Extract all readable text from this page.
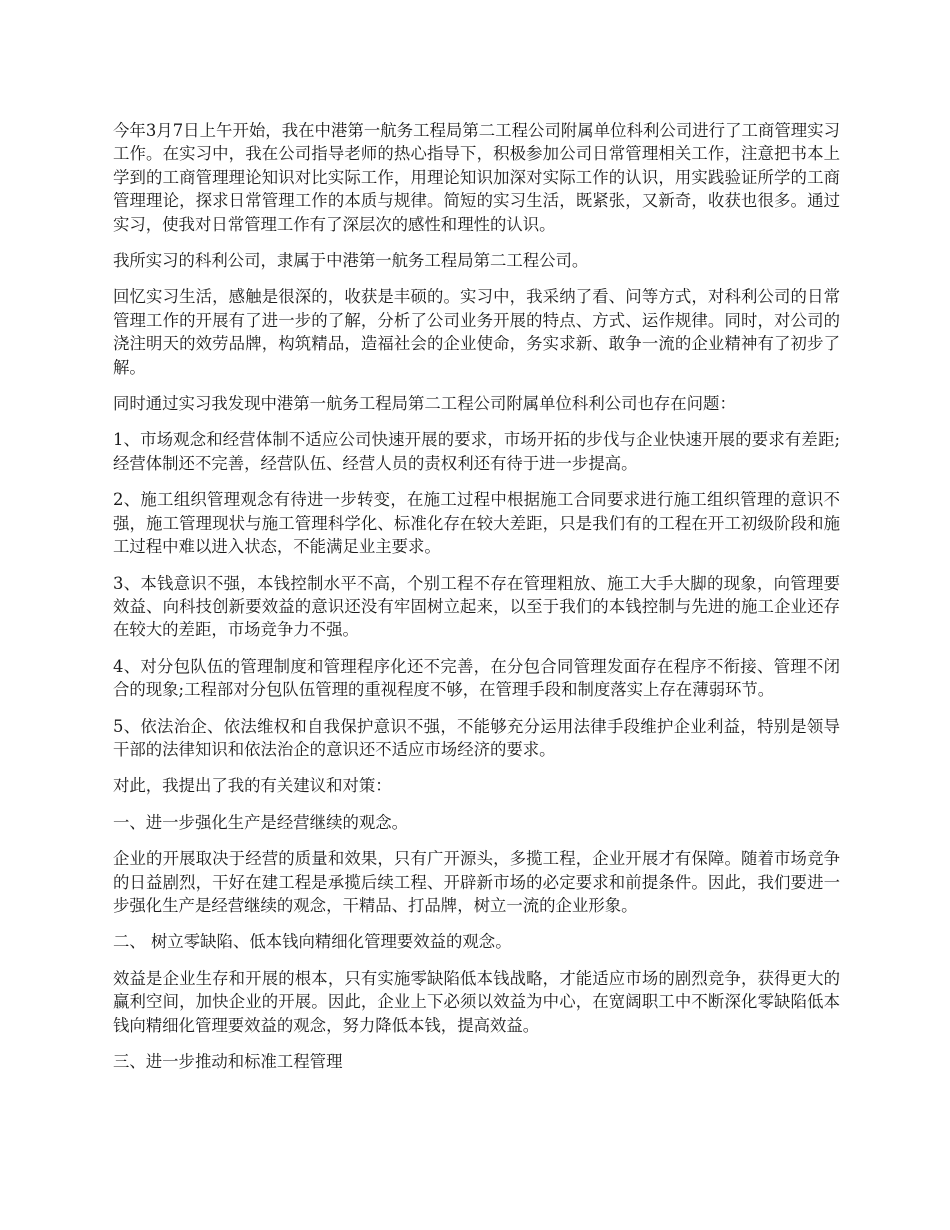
今年3月7日上午开始，我在中港第一航务工程局第二工程公司附属单位科利公司进行了工商管理实习工作。在实习中，我在公司指导老师的热心指导下，积极参加公司日常管理相关工作，注意把书本上学到的工商管理理论知识对比实际工作，用理论知识加深对实际工作的认识，用实践验证所学的工商管理理论，探求日常管理工作的本质与规律。简短的实习生活，既紧张，又新奇，收获也很多。通过实习，使我对日常管理工作有了深层次的感性和理性的认识。

我所实习的科利公司，隶属于中港第一航务工程局第二工程公司。

回忆实习生活，感触是很深的，收获是丰硕的。实习中，我采纳了看、问等方式，对科利公司的日常管理工作的开展有了进一步的了解，分析了公司业务开展的特点、方式、运作规律。同时，对公司的浇注明天的效劳品牌，构筑精品，造福社会的企业使命，务实求新、敢争一流的企业精神有了初步了解。

同时通过实习我发现中港第一航务工程局第二工程公司附属单位科利公司也存在问题：

1、市场观念和经营体制不适应公司快速开展的要求，市场开拓的步伐与企业快速开展的要求有差距;经营体制还不完善，经营队伍、经营人员的责权利还有待于进一步提高。

2、施工组织管理观念有待进一步转变，在施工过程中根据施工合同要求进行施工组织管理的意识不强，施工管理现状与施工管理科学化、标准化存在较大差距，只是我们有的工程在开工初级阶段和施工过程中难以进入状态，不能满足业主要求。

3、本钱意识不强，本钱控制水平不高，个别工程不存在管理粗放、施工大手大脚的现象，向管理要效益、向科技创新要效益的意识还没有牢固树立起来，以至于我们的本钱控制与先进的施工企业还存在较大的差距，市场竞争力不强。

4、对分包队伍的管理制度和管理程序化还不完善，在分包合同管理发面存在程序不衔接、管理不闭合的现象;工程部对分包队伍管理的重视程度不够，在管理手段和制度落实上存在薄弱环节。

5、依法治企、依法维权和自我保护意识不强，不能够充分运用法律手段维护企业利益，特别是领导干部的法律知识和依法治企的意识还不适应市场经济的要求。

对此，我提出了我的有关建议和对策：

一、进一步强化生产是经营继续的观念。

企业的开展取决于经营的质量和效果，只有广开源头，多揽工程，企业开展才有保障。随着市场竞争的日益剧烈，干好在建工程是承揽后续工程、开辟新市场的必定要求和前提条件。因此，我们要进一步强化生产是经营继续的观念，干精品、打品牌，树立一流的企业形象。

二、 树立零缺陷、低本钱向精细化管理要效益的观念。

效益是企业生存和开展的根本，只有实施零缺陷低本钱战略，才能适应市场的剧烈竞争，获得更大的赢利空间，加快企业的开展。因此，企业上下必须以效益为中心，在宽阔职工中不断深化零缺陷低本钱向精细化管理要效益的观念，努力降低本钱，提高效益。

三、进一步推动和标准工程管理
